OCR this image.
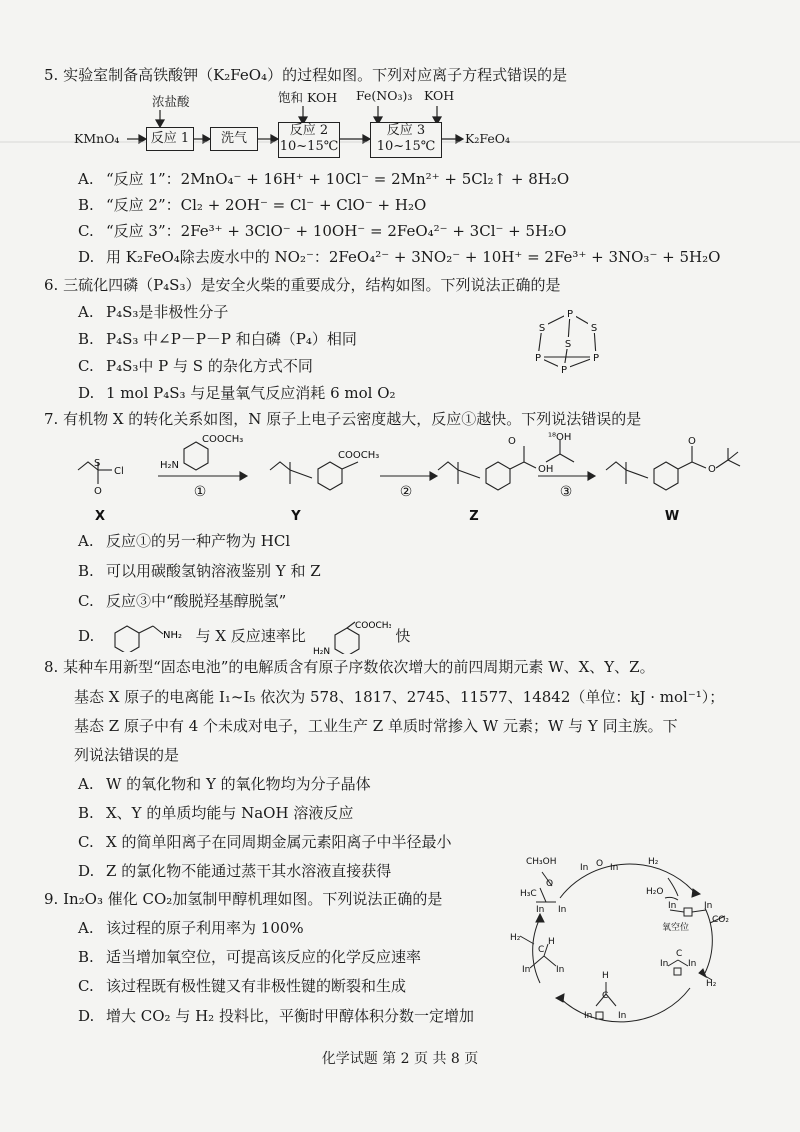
5. 实验室制备高铁酸钾（K₂FeO₄）的过程如图。下列对应离子方程式错误的是
浓盐酸	饱和 KOH Fe(NO₃)₃ KOH
KMnO₄	反应 1	洗气
反应 2
10~15℃
反应 3
10~15℃
K₂FeO₄
A. “反应 1”：2MnO₄⁻ + 16H⁺ + 10Cl⁻ = 2Mn²⁺ + 5Cl₂↑ + 8H₂O
B. “反应 2”：Cl₂ + 2OH⁻ = Cl⁻ + ClO⁻ + H₂O
C. “反应 3”：2Fe³⁺ + 3ClO⁻ + 10OH⁻ = 2FeO₄²⁻ + 3Cl⁻ + 5H₂O
D. 用 K₂FeO₄除去废水中的 NO₂⁻：2FeO₄²⁻ + 3NO₂⁻ + 10H⁺ = 2Fe³⁺ + 3NO₃⁻ + 5H₂O
6. 三硫化四磷（P₄S₃）是安全火柴的重要成分，结构如图。下列说法正确的是
A. P₄S₃是非极性分子
B. P₄S₃ 中∠P－P－P 和白磷（P₄）相同
C. P₄S₃中 P 与 S 的杂化方式不同
D. 1 mol P₄S₃ 与足量氧气反应消耗 6 mol O₂
P
S	S
S
P	P
P
7. 有机物 X 的转化关系如图，N 原子上电子云密度越大，反应①越快。下列说法错误的是
S
Cl
O
COOCH₃
H₂N
COOCH₃
O
OH
¹⁸OH	O
O
①	②	③
X	Y	Z	W
A. 反应①的另一种产物为 HCl
B. 可以用碳酸氢钠溶液鉴别 Y 和 Z
C. 反应③中“酸脱羟基醇脱氢”
D.	NH₂ 与 X 反应速率比
COOCH₃
H₂N
快
8. 某种车用新型“固态电池”的电解质含有原子序数依次增大的前四周期元素 W、X、Y、Z。
基态 X 原子的电离能 I₁~I₅ 依次为 578、1817、2745、11577、14842（单位：kJ · mol⁻¹）；
基态 Z 原子中有 4 个未成对电子，工业生产 Z 单质时常掺入 W 元素；W 与 Y 同主族。下
列说法错误的是
A. W 的氧化物和 Y 的氧化物均为分子晶体
B. X、Y 的单质均能与 NaOH 溶液反应
C. X 的简单阳离子在同周期金属元素阳离子中半径最小
D. Z 的氯化物不能通过蒸干其水溶液直接获得
9. In₂O₃ 催化 CO₂加氢制甲醇机理如图。下列说法正确的是
A. 该过程的原子利用率为 100%
B. 适当增加氧空位，可提高该反应的化学反应速率
C. 该过程既有极性键又有非极性键的断裂和生成
D. 增大 CO₂ 与 H₂ 投料比，平衡时甲醇体积分数一定增加
CH₃OH
In In
O	H₂
H₂O
H₃C
O
In In	In	In
氧空位
CO₂
H₂
C
H
In	In
In In
C
H₂
H
C
In	In
化学试题 第 2 页 共 8 页
